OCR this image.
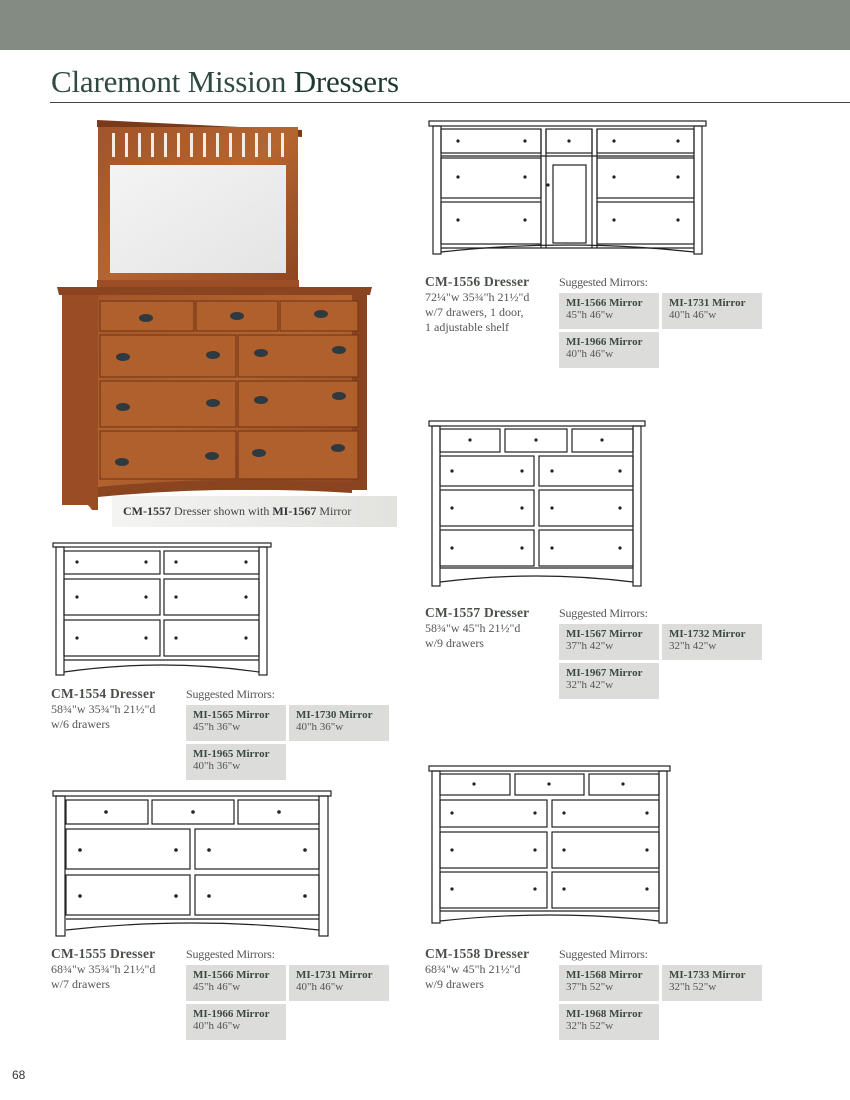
Claremont Mission Dressers
CM-1557 Dresser shown with MI-1567 Mirror
CM-1556 Dresser
72¼"w 35¾"h 21½"d
w/7 drawers, 1 door,
1 adjustable shelf
Suggested Mirrors:
MI-1566 Mirror
45"h 46"w
MI-1731 Mirror
40"h 46"w
MI-1966 Mirror
40"h 46"w
CM-1557 Dresser
58¾"w 45"h 21½"d
w/9 drawers
Suggested Mirrors:
MI-1567 Mirror
37"h 42"w
MI-1732 Mirror
32"h 42"w
MI-1967 Mirror
32"h 42"w
CM-1554 Dresser
58¾"w 35¾"h 21½"d
w/6 drawers
Suggested Mirrors:
MI-1565 Mirror
45"h 36"w
MI-1730 Mirror
40"h 36"w
MI-1965 Mirror
40"h 36"w
CM-1555 Dresser
68¾"w 35¾"h 21½"d
w/7 drawers
Suggested Mirrors:
MI-1566 Mirror
45"h 46"w
MI-1731 Mirror
40"h 46"w
MI-1966 Mirror
40"h 46"w
CM-1558 Dresser
68¾"w 45"h 21½"d
w/9 drawers
Suggested Mirrors:
MI-1568 Mirror
37"h 52"w
MI-1733 Mirror
32"h 52"w
MI-1968 Mirror
32"h 52"w
68
